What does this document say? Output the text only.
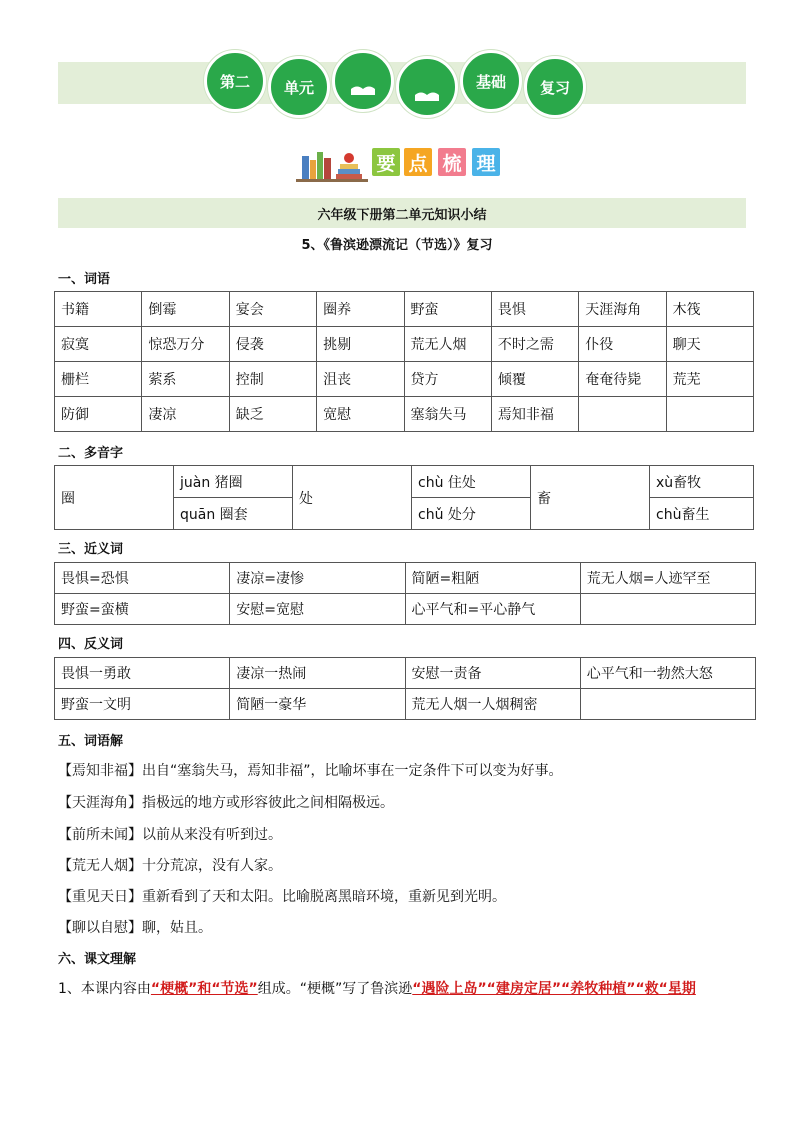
第二 单元	基础 复习
要 点 梳 理
六年级下册第二单元知识小结
5、《鲁滨逊漂流记（节选）》复习
一、词语
书籍	倒霉	宴会	圈养	野蛮	畏惧	天涯海角	木筏
寂寞	惊恐万分	侵袭	挑剔	荒无人烟	不时之需	仆役	聊天
栅栏	萦系	控制	沮丧	贷方	倾覆	奄奄待毙	荒芜
防御	凄凉	缺乏	宽慰	塞翁失马	焉知非福		
二、多音字
圈	juàn 猪圈	处	chù 住处	畜	xù畜牧
	quān 圈套		chǔ 处分		chù畜生
三、近义词
畏惧=恐惧	凄凉=凄惨	简陋=粗陋	荒无人烟=人迹罕至
野蛮=蛮横	安慰=宽慰	心平气和=平心静气	
四、反义词
畏惧一勇敢	凄凉一热闹	安慰一责备	心平气和一勃然大怒
野蛮一文明	简陋一豪华	荒无人烟一人烟稠密	
五、词语解
【焉知非福】出自“塞翁失马，焉知非福”，比喻坏事在一定条件下可以变为好事。
【天涯海角】指极远的地方或形容彼此之间相隔极远。
【前所未闻】以前从来没有听到过。
【荒无人烟】十分荒凉，没有人家。
【重见天日】重新看到了天和太阳。比喻脱离黑暗环境，重新见到光明。
【聊以自慰】聊，姑且。
六、课文理解
1、本课内容由“梗概”和“节选”组成。“梗概”写了鲁滨逊“遇险上岛”“建房定居”“养牧种植”“救“星期
